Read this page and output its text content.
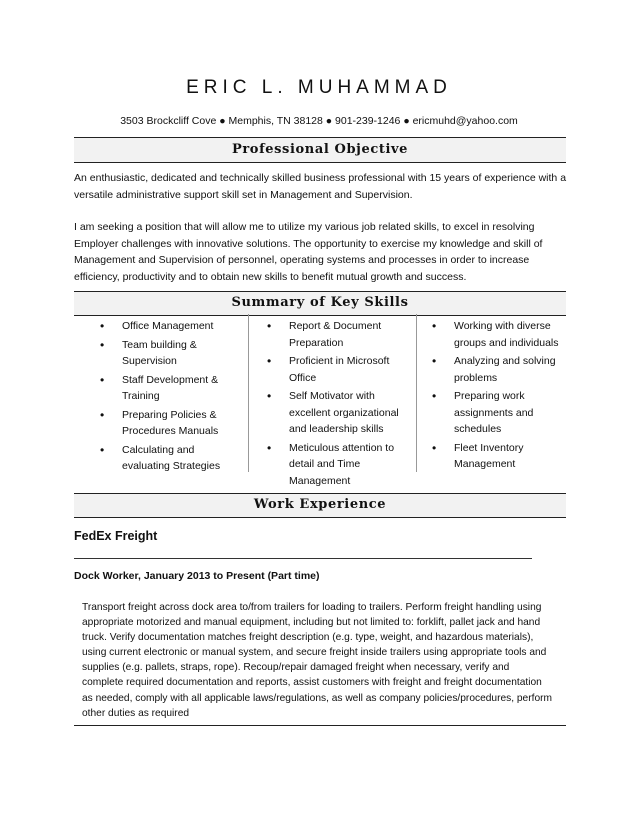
ERIC L. MUHAMMAD
3503 Brockcliff Cove ● Memphis, TN 38128 ● 901-239-1246 ● ericmuhd@yahoo.com
Professional Objective
An enthusiastic, dedicated and technically skilled business professional with 15 years of experience with a versatile administrative support skill set in Management and Supervision.
I am seeking a position that will allow me to utilize my various job related skills, to excel in resolving Employer challenges with innovative solutions. The opportunity to exercise my knowledge and skill of Management and Supervision of personnel, operating systems and processes in order to increase efficiency, productivity and to obtain new skills to benefit mutual growth and success.
Summary of Key Skills
• Office Management
• Team building & Supervision
• Staff Development & Training
• Preparing Policies & Procedures Manuals
• Calculating and evaluating Strategies
• Report & Document Preparation
• Proficient in Microsoft Office
• Self Motivator with excellent organizational and leadership skills
• Meticulous attention to detail and Time Management
• Working with diverse groups and individuals
• Analyzing and solving problems
• Preparing work assignments and schedules
• Fleet Inventory Management
Work Experience
FedEx Freight
Dock Worker, January 2013 to Present (Part time)
Transport freight across dock area to/from trailers for loading to trailers. Perform freight handling using appropriate motorized and manual equipment, including but not limited to: forklift, pallet jack and hand truck. Verify documentation matches freight description (e.g. type, weight, and hazardous materials), using current electronic or manual system, and secure freight inside trailers using appropriate tools and supplies (e.g. pallets, straps, rope). Recoup/repair damaged freight when necessary, verify and complete required documentation and reports, assist customers with freight and freight documentation as needed, comply with all applicable laws/regulations, as well as company policies/procedures, perform other duties as required
